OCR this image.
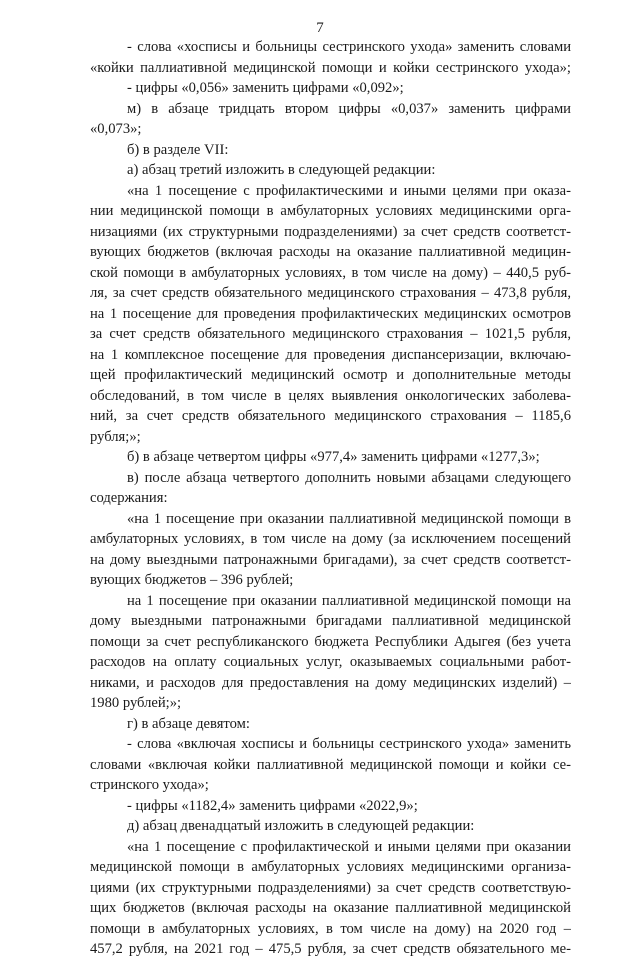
7
- слова «хосписы и больницы сестринского ухода» заменить словами
«койки паллиативной медицинской помощи и койки сестринского ухода»;
- цифры «0,056» заменить цифрами «0,092»;
м) в абзаце тридцать втором цифры «0,037» заменить цифрами
«0,073»;
б) в разделе VII:
а) абзац третий изложить в следующей редакции:
«на 1 посещение с профилактическими и иными целями при оказа-
нии медицинской помощи в амбулаторных условиях медицинскими орга-
низациями (их структурными подразделениями) за счет средств соответст-
вующих бюджетов (включая расходы на оказание паллиативной медицин-
ской помощи в амбулаторных условиях, в том числе на дому) – 440,5 руб-
ля, за счет средств обязательного медицинского страхования – 473,8 рубля,
на 1 посещение для проведения профилактических медицинских осмотров
за счет средств обязательного медицинского страхования – 1021,5 рубля,
на 1 комплексное посещение для проведения диспансеризации, включаю-
щей профилактический медицинский осмотр и дополнительные методы
обследований, в том числе в целях выявления онкологических заболева-
ний, за счет средств обязательного медицинского страхования – 1185,6
рубля;»;
б) в абзаце четвертом цифры «977,4» заменить цифрами «1277,3»;
в) после абзаца четвертого дополнить новыми абзацами следующего
содержания:
«на 1 посещение при оказании паллиативной медицинской помощи в
амбулаторных условиях, в том числе на дому (за исключением посещений
на дому выездными патронажными бригадами), за счет средств соответст-
вующих бюджетов – 396 рублей;
на 1 посещение при оказании паллиативной медицинской помощи на
дому выездными патронажными бригадами паллиативной медицинской
помощи за счет республиканского бюджета Республики Адыгея (без учета
расходов на оплату социальных услуг, оказываемых социальными работ-
никами, и расходов для предоставления на дому медицинских изделий) –
1980 рублей;»;
г) в абзаце девятом:
- слова «включая хосписы и больницы сестринского ухода» заменить
словами «включая койки паллиативной медицинской помощи и койки се-
стринского ухода»;
- цифры «1182,4» заменить цифрами «2022,9»;
д) абзац двенадцатый изложить в следующей редакции:
«на 1 посещение с профилактической и иными целями при оказании
медицинской помощи в амбулаторных условиях медицинскими организа-
циями (их структурными подразделениями) за счет средств соответствую-
щих бюджетов (включая расходы на оказание паллиативной медицинской
помощи в амбулаторных условиях, в том числе на дому) на 2020 год –
457,2 рубля, на 2021 год – 475,5 рубля, за счет средств обязательного ме-
